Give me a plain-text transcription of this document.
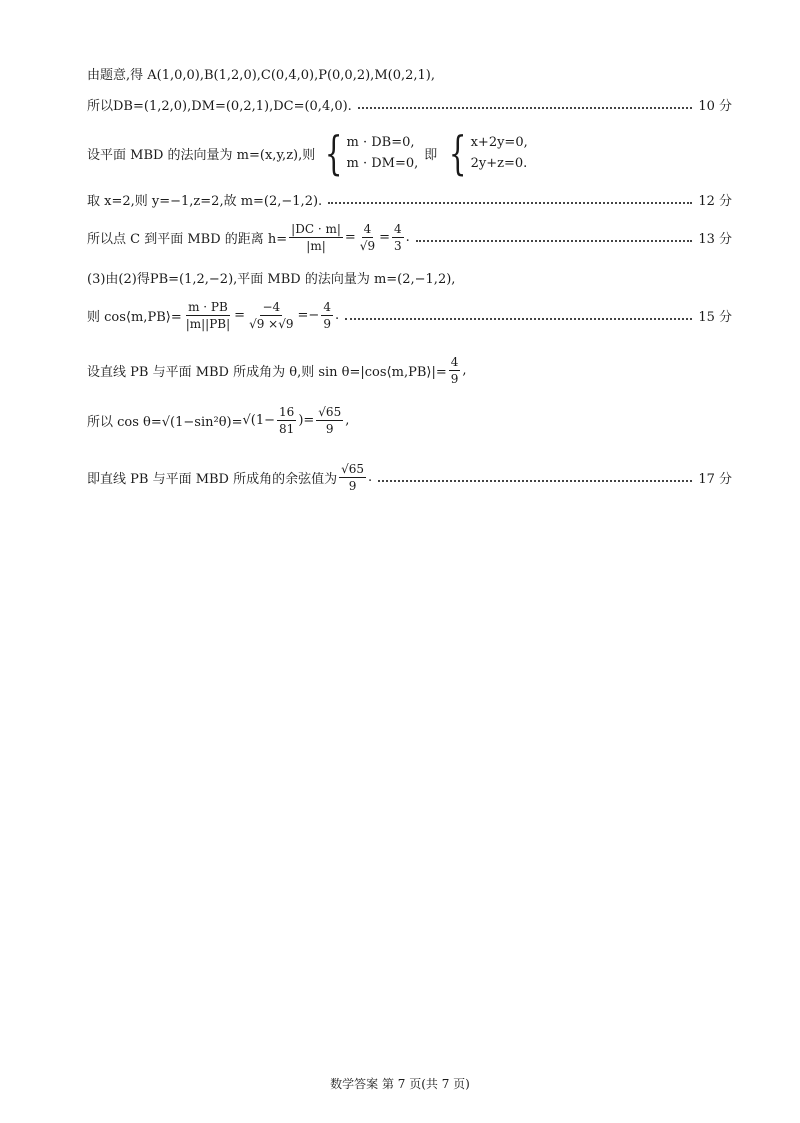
由题意,得 A(1,0,0),B(1,2,0),C(0,4,0),P(0,0,2),M(0,2,1),
所以DB=(1,2,0),DM=(0,2,1),DC=(0,4,0).	10 分
设平面 MBD 的法向量为 m=(x,y,z),则 { m · DB=0,
m · DM=0,
即 { x+2y=0,
2y+z=0.
取 x=2,则 y=−1,z=2,故 m=(2,−1,2).	12 分
所以点 C 到平面 MBD 的距离 $h= \frac{|DC \cdot m|}{|m|} = \frac{4}{√9} = \frac{4}{3}$ .	13 分
(3)由(2)得PB=(1,2,−2),平面 MBD 的法向量为 m=(2,−1,2),
则 cos⟨m,PB⟩= $\frac{m \cdot PB}{|m||PB|} = \frac{-4}{√9 \times√9} =- \frac{4}{9}$ .	15 分
设直线 PB 与平面 MBD 所成角为 θ,则 sin θ=|cos⟨m,PB⟩|= $\frac{4}{9}$ ,
所以 $\cos \theta=√(1-\sin^2\theta)= √(1- \frac{16}{81}$ )= $\frac{√65}{9}$ ,
即直线 PB 与平面 MBD 所成角的余弦值为 $\frac{√65}{9}$ .	17 分
数学答案 第 7 页(共 7 页)
